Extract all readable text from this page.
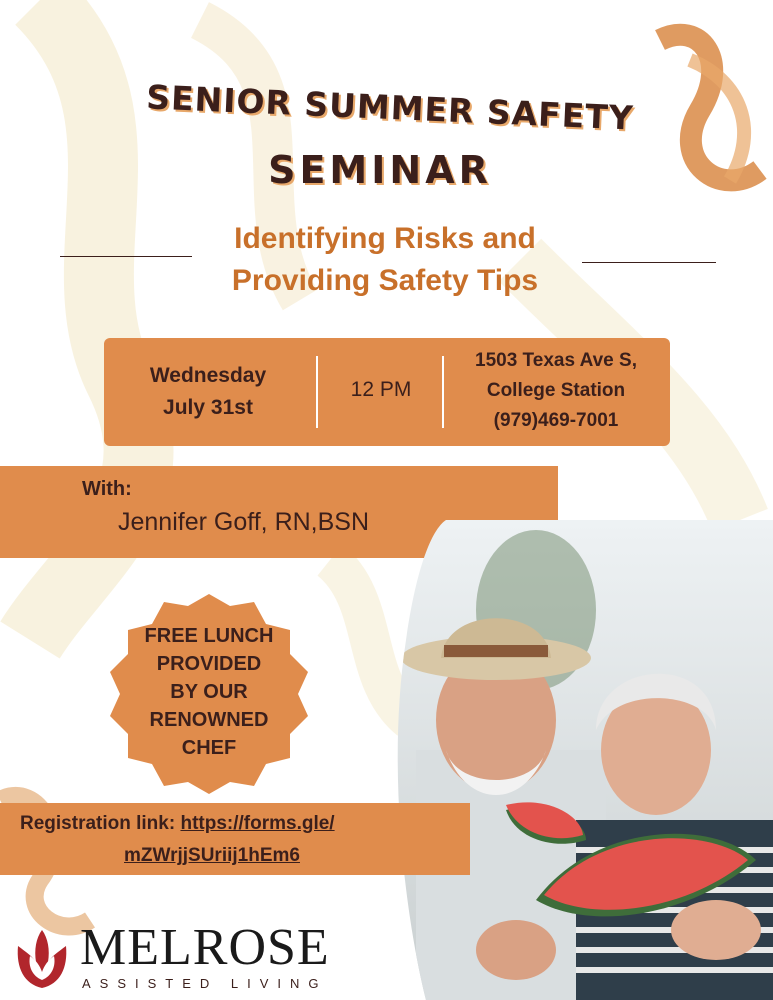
SENIOR SUMMER SAFETY
SEMINAR
Identifying Risks and
Providing Safety Tips
Wednesday
July 31st
12 PM
1503 Texas Ave S,
College Station
(979)469-7001
With:
Jennifer Goff, RN,BSN
FREE LUNCH
PROVIDED
BY OUR
RENOWNED
CHEF
Registration link: https://forms.gle/
mZWrjjSUriij1hEm6
MELROSE
ASSISTED LIVING
